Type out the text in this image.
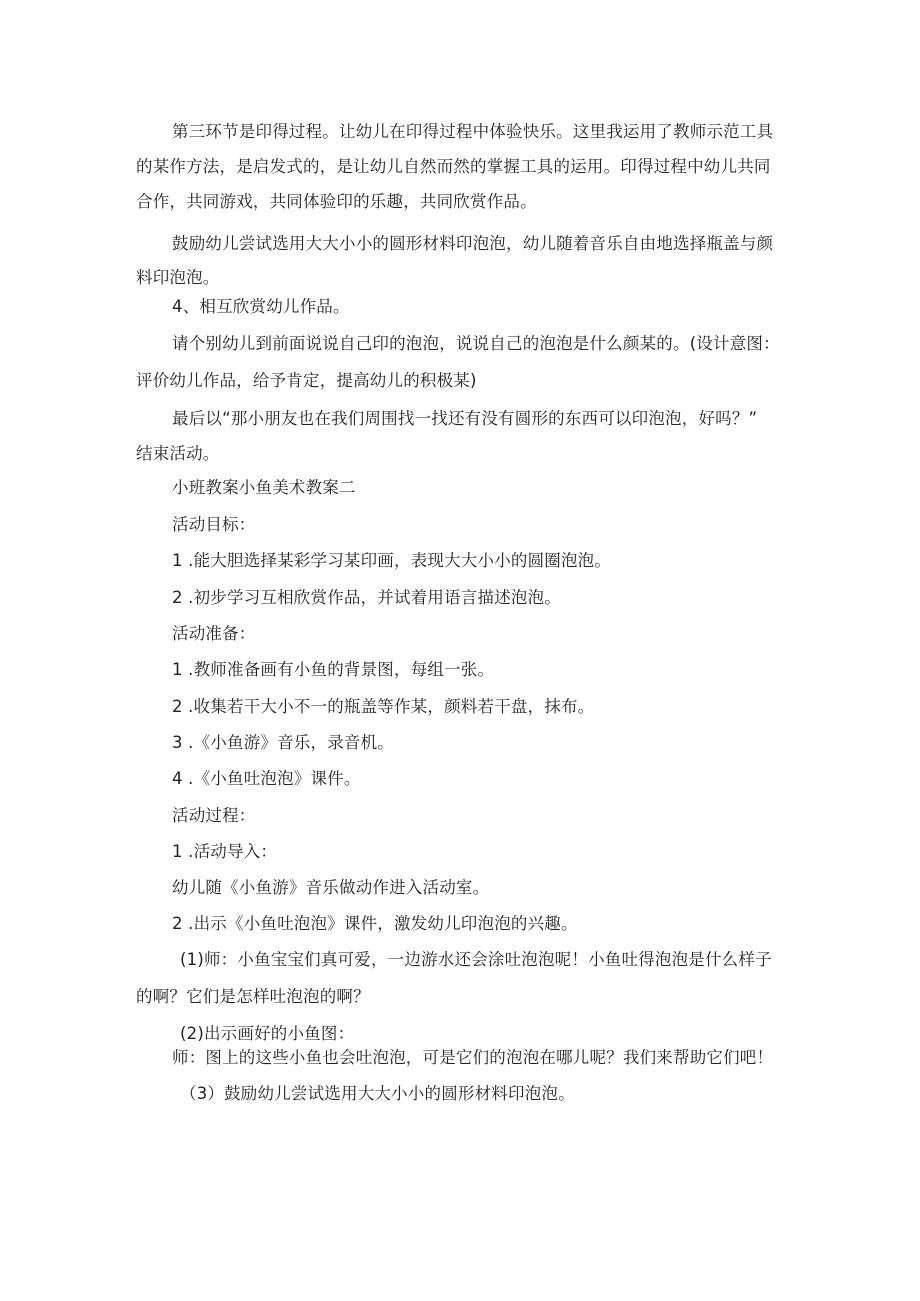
第三环节是印得过程。让幼儿在印得过程中体验快乐。这里我运用了教师示范工具
的某作方法，是启发式的，是让幼儿自然而然的掌握工具的运用。印得过程中幼儿共同
合作，共同游戏，共同体验印的乐趣，共同欣赏作品。
鼓励幼儿尝试选用大大小小的圆形材料印泡泡，幼儿随着音乐自由地选择瓶盖与颜
料印泡泡。
4、相互欣赏幼儿作品。
请个别幼儿到前面说说自己印的泡泡，说说自己的泡泡是什么颜某的。(设计意图：
评价幼儿作品，给予肯定，提高幼儿的积极某)
最后以“那小朋友也在我们周围找一找还有没有圆形的东西可以印泡泡，好吗？”
结束活动。
小班教案小鱼美术教案二
活动目标：
1 .能大胆选择某彩学习某印画，表现大大小小的圆圈泡泡。
2 .初步学习互相欣赏作品，并试着用语言描述泡泡。
活动准备：
1 .教师准备画有小鱼的背景图，每组一张。
2 .收集若干大小不一的瓶盖等作某，颜料若干盘，抹布。
3 .《小鱼游》音乐，录音机。
4 .《小鱼吐泡泡》课件。
活动过程：
1 .活动导入：
幼儿随《小鱼游》音乐做动作进入活动室。
2 .出示《小鱼吐泡泡》课件，激发幼儿印泡泡的兴趣。
(1)师：小鱼宝宝们真可爱，一边游水还会涂吐泡泡呢！小鱼吐得泡泡是什么样子
的啊？它们是怎样吐泡泡的啊？
(2)出示画好的小鱼图：
师：图上的这些小鱼也会吐泡泡，可是它们的泡泡在哪儿呢？我们来帮助它们吧！
（3）鼓励幼儿尝试选用大大小小的圆形材料印泡泡。
